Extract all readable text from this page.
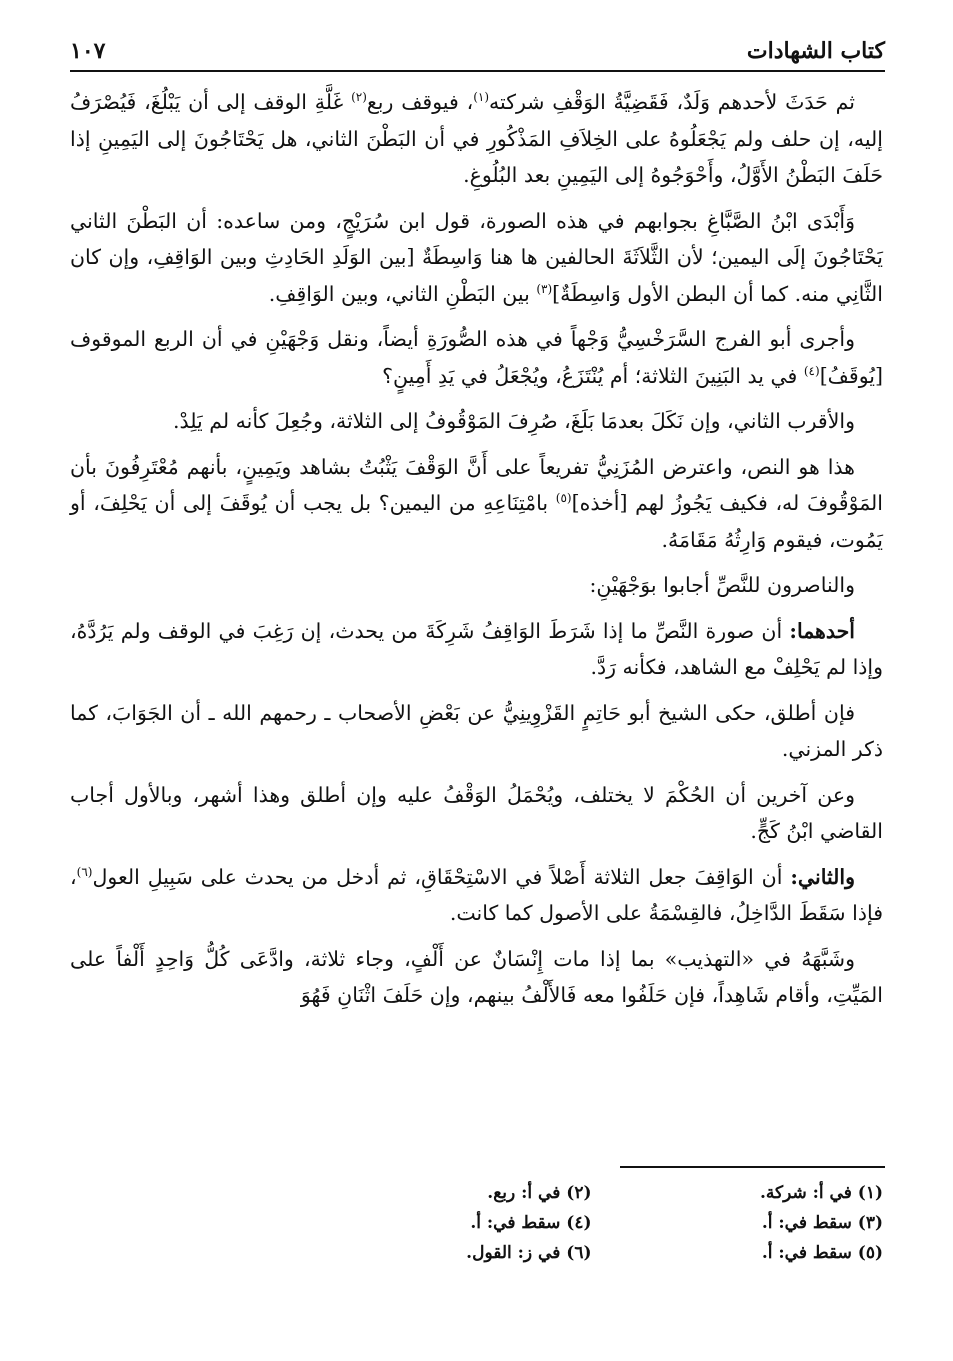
كتاب الشهادات
١٠٧

ثم حَدَثَ لأحدهم وَلَدٌ، فَقَضِيَّةُ الوَقْفِ شركته$^{(١)}$، فيوقف ربع$^{(٢)}$ غَلَّةِ الوقف إلى أن يَبْلُغَ، فَيُصْرَفُ إليه، إن حلف ولم يَجْعَلُوهُ على الخِلاَفِ المَذْكُورِ في أن البَطْنَ الثاني، هل يَحْتَاجُونَ إلى اليَمِينِ إذا حَلَفَ البَطْنُ الأَوَّلُ، وأَحْوَجُوهُ إلى اليَمِينِ بعد البُلُوغِ.

وَأَبْدَى ابْنُ الصَّبَّاغِ بجوابهم في هذه الصورة، قول ابن سُرَيْجٍ، ومن ساعده: أن البَطْنَ الثاني يَحْتَاجُونَ إلَى اليمين؛ لأن الثَّلاَثَةَ الحالفين ها هنا وَاسِطَةٌ [بين الوَلَدِ الحَادِثِ وبين الوَاقِفِ، وإن كان الثَّانِي منه. كما أن البطن الأول وَاسِطَةٌ]$^{(٣)}$ بين البَطْنِ الثاني، وبين الوَاقِفِ.

وأجرى أبو الفرج السَّرَخْسِيُّ وَجْهاً في هذه الصُّورَةِ أيضاً، ونقل وَجْهَيْنِ في أن الربع الموقوف [يُوقَفُ]$^{(٤)}$ في يد البَنِينَ الثلاثة؛ أم يُنْتَزَعُ، ويُجْعَلُ في يَدِ أَمِينٍ؟

والأقرب الثاني، وإن نَكَلَ بعدمَا بَلَغَ، صُرِفَ المَوْقُوفُ إلى الثلاثة، وجُعِلَ كأنه لم يَلِدْ.

هذا هو النص، واعترض المُزَنِيُّ تفريعاً على أَنَّ الوَقْفَ يَثْبُتُ بشاهد ويَمِينٍ، بأنهم مُعْتَرِفُونَ بأن المَوْقُوفَ له، فكيف يَجُوزُ لهم [أخذه]$^{(٥)}$ بامْتِنَاعِهِ من اليمين؟ بل يجب أن يُوقَفَ إلى أن يَحْلِفَ، أو يَمُوت، فيقوم وَارِثُهُ مَقَامَهُ.

والناصرون للنَّصِّ أجابوا بوَجْهَيْنِ:

أحدهما: أن صورة النَّصِّ ما إذا شَرَطَ الوَاقِفُ شَرِكَةَ من يحدث، إن رَغِبَ في الوقف ولم يَرُدَّهُ، وإذا لم يَحْلِفْ مع الشاهد، فكأنه رَدَّ.

فإن أطلق، حكى الشيخ أبو حَاتِمٍ القَزْوِينِيُّ عن بَعْضِ الأصحاب ـ رحمهم الله ـ أن الجَوَابَ، كما ذكر المزني.

وعن آخرين أن الحُكْمَ لا يختلف، ويُحْمَلُ الوَقْفُ عليه وإن أطلق وهذا أشهر، وبالأول أجاب القاضي ابْنُ كَجٍّ.

والثاني: أن الوَاقِفَ جعل الثلاثة أَصْلاً في الاسْتِحْقَاقِ، ثم أدخل من يحدث على سَبِيلِ العول$^{(٦)}$، فإذا سَقَطَ الدَّاخِلُ، فالقِسْمَةُ على الأصول كما كانت.

وشَبَّهَهُ في «التهذيب» بما إذا مات إِنْسَانٌ عن أَلْفٍ، وجاء ثلاثة، وادَّعَى كُلُّ وَاحِدٍ أَلْفاً على المَيِّتِ، وأقام شَاهِداً، فإن حَلَفُوا معه فَالأَلْفُ بينهم، وإن حَلَفَ اثْنَانِ فَهُوَ

(١) في أ: شركة.
(٢) في أ: ربع.
(٣) سقط في: أ.
(٤) سقط في: أ.
(٥) سقط في: أ.
(٦) في ز: القول.
